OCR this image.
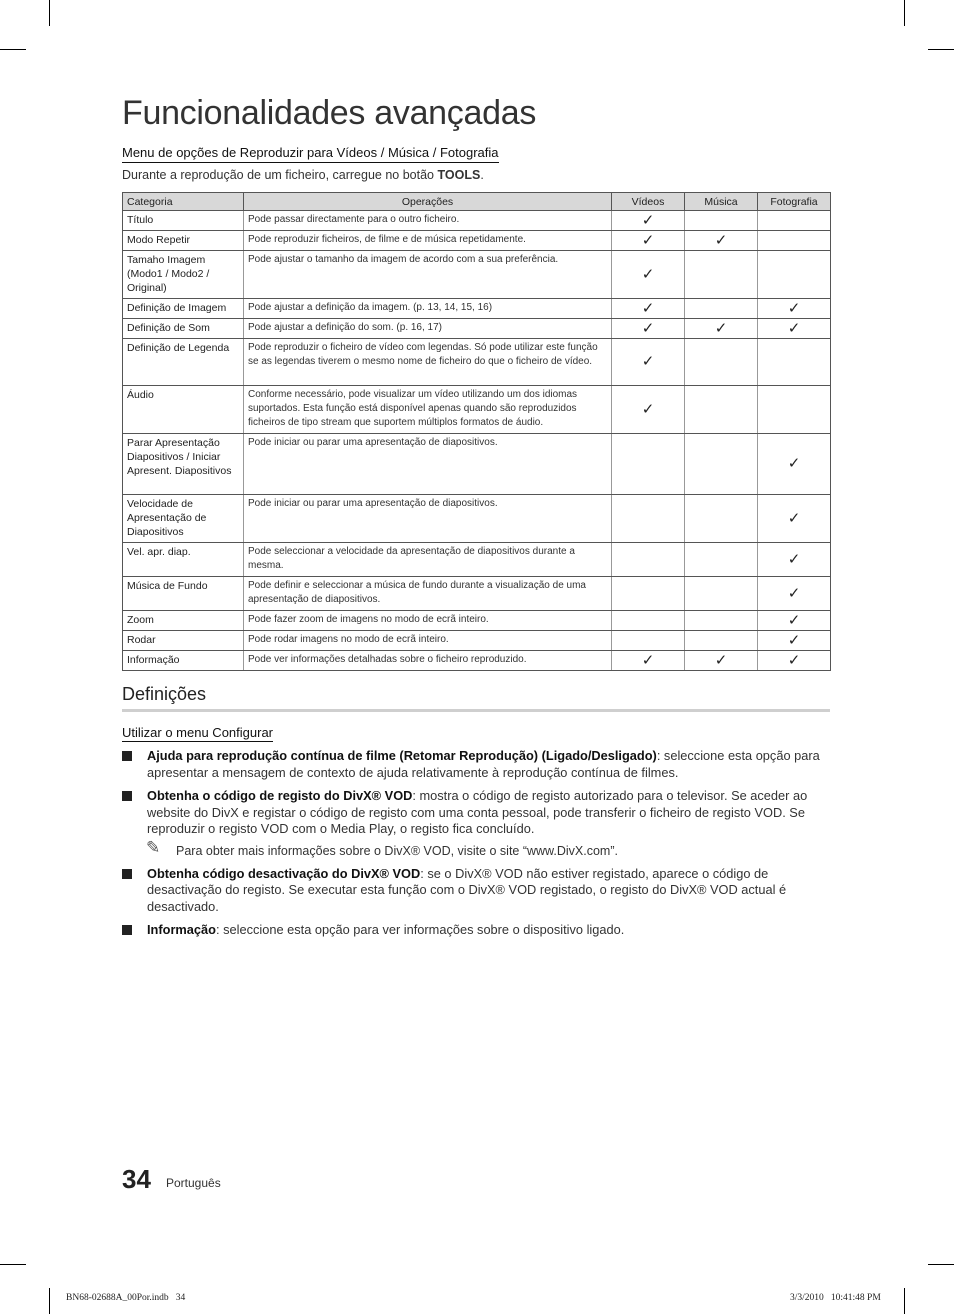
Funcionalidades avançadas
Menu de opções de Reproduzir para Vídeos / Música / Fotografia
Durante a reprodução de um ficheiro, carregue no botão TOOLS.
Categoria	Operações	Vídeos	Música	Fotografia
Título	Pode passar directamente para o outro ficheiro.	✓		
Modo Repetir	Pode reproduzir ficheiros, de filme e de música repetidamente.	✓	✓	
Tamaho Imagem (Modo1 / Modo2 / Original)	Pode ajustar o tamanho da imagem de acordo com a sua preferência.	✓		
Definição de Imagem	Pode ajustar a definição da imagem. (p. 13, 14, 15, 16)	✓		✓
Definição de Som	Pode ajustar a definição do som. (p. 16, 17)	✓	✓	✓
Definição de Legenda	Pode reproduzir o ficheiro de vídeo com legendas. Só pode utilizar este função se as legendas tiverem o mesmo nome de ficheiro do que o ficheiro de vídeo.	✓		
Áudio	Conforme necessário, pode visualizar um vídeo utilizando um dos idiomas suportados. Esta função está disponível apenas quando são reproduzidos ficheiros de tipo stream que suportem múltiplos formatos de áudio.	✓		
Parar Apresentação Diapositivos / Iniciar Apresent. Diapositivos	Pode iniciar ou parar uma apresentação de diapositivos.			✓
Velocidade de Apresentação de Diapositivos	Pode iniciar ou parar uma apresentação de diapositivos.			✓
Vel. apr. diap.	Pode seleccionar a velocidade da apresentação de diapositivos durante a mesma.			✓
Música de Fundo	Pode definir e seleccionar a música de fundo durante a visualização de uma apresentação de diapositivos.			✓
Zoom	Pode fazer zoom de imagens no modo de ecrã inteiro.			✓
Rodar	Pode rodar imagens no modo de ecrã inteiro.			✓
Informação	Pode ver informações detalhadas sobre o ficheiro reproduzido.	✓	✓	✓
Definições
Utilizar o menu Configurar
Ajuda para reprodução contínua de filme (Retomar Reprodução) (Ligado/Desligado): seleccione esta opção para apresentar a mensagem de contexto de ajuda relativamente à reprodução contínua de filmes.
Obtenha o código de registo do DivX® VOD: mostra o código de registo autorizado para o televisor. Se aceder ao website do DivX e registar o código de registo com uma conta pessoal, pode transferir o ficheiro de registo VOD. Se reproduzir o registo VOD com o Media Play, o registo fica concluído.
✎ Para obter mais informações sobre o DivX® VOD, visite o site “www.DivX.com”.
Obtenha código desactivação do DivX® VOD: se o DivX® VOD não estiver registado, aparece o código de desactivação do registo. Se executar esta função com o DivX® VOD registado, o registo do DivX® VOD actual é desactivado.
Informação: seleccione esta opção para ver informações sobre o dispositivo ligado.
34 Português
BN68-02688A_00Por.indb   34	3/3/2010   10:41:48 PM
